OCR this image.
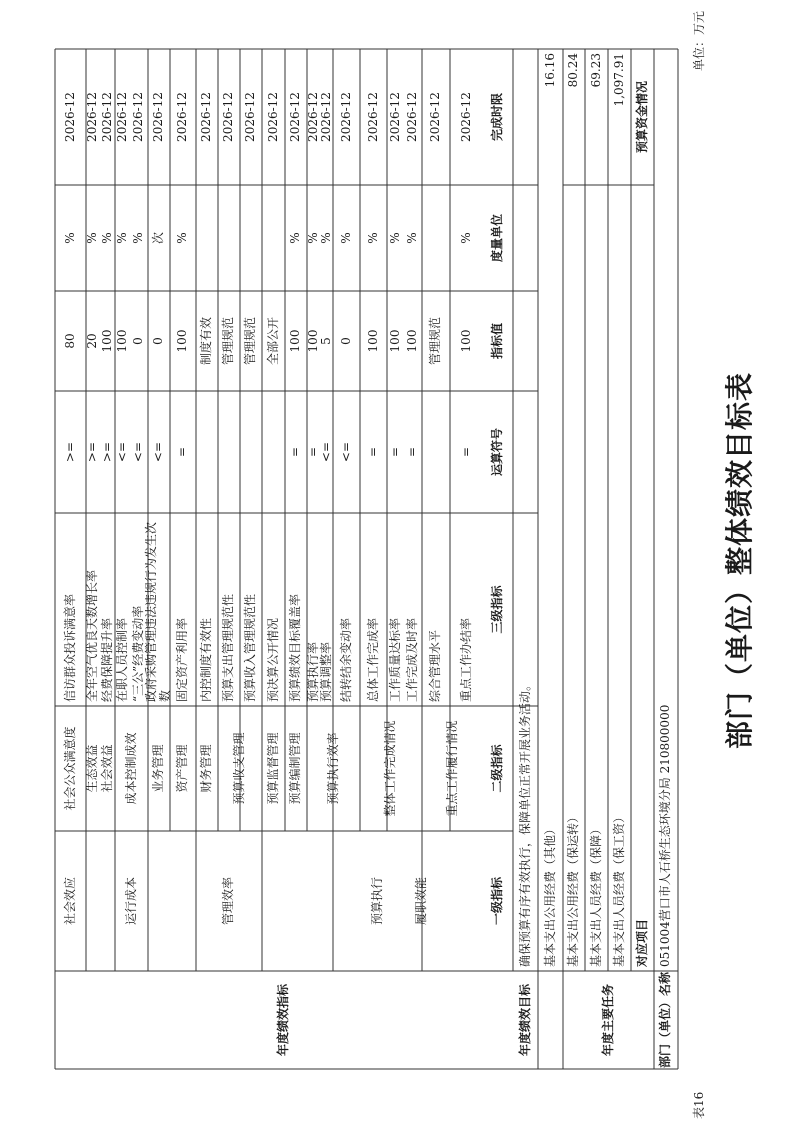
部门（单位）整体绩效目标表
表16
单位：万元
部门（单位）名称
051004营口市人石桥生态环境分局 210800000
年度主要任务
对应项目
预算资金情况
基本支出人员经费（保工资）
1,097.91
基本支出人员经费（保障）
69.23
基本支出公用经费（保运转）
80.24
基本支出公用经费（其他）
16.16
年度绩效目标
确保预算有序有效执行，保障单位正常开展业务活动。
年度绩效指标
一级指标
二级指标
三级指标
运算符号
指标值
度量单位
完成时限
预算执行
管理效率
运行成本
社会效应
重点工作办结率
=
100
%
2026-12
综合管理水平
管理规范
2026-12
工作完成及时率
=
100
%
2026-12
工作质量达标率
=
100
%
2026-12
总体工作完成率
=
100
%
2026-12
结转结余变动率
<=
0
%
2026-12
预算调整率
<=
5
%
2026-12
预算执行率
=
100
%
2026-12
预算绩效目标覆盖率
=
100
%
2026-12
预决算公开情况
全部公开
2026-12
预算收入管理规范性
管理规范
2026-12
预算支出管理规范性
管理规范
2026-12
内控制度有效性
制度有效
2026-12
固定资产利用率
=
100
%
2026-12
政府采购管理违法违规行为发生次数
<=
0
次
2026-12
“三公”经费变动率
<=
0
%
2026-12
在职人员控制率
<=
100
%
2026-12
经费保障提升率
>=
100
%
2026-12
全年空气优良天数增长率
>=
20
%
2026-12
信访群众投诉满意率
>=
80
%
2026-12
重点工作履行情况
整体工作完成情况
预算执行效率
预算编制管理
预算监督管理
预算收支管理
财务管理
资产管理
业务管理
成本控制成效
社会效益
生态效益
社会公众满意度
履职效能
